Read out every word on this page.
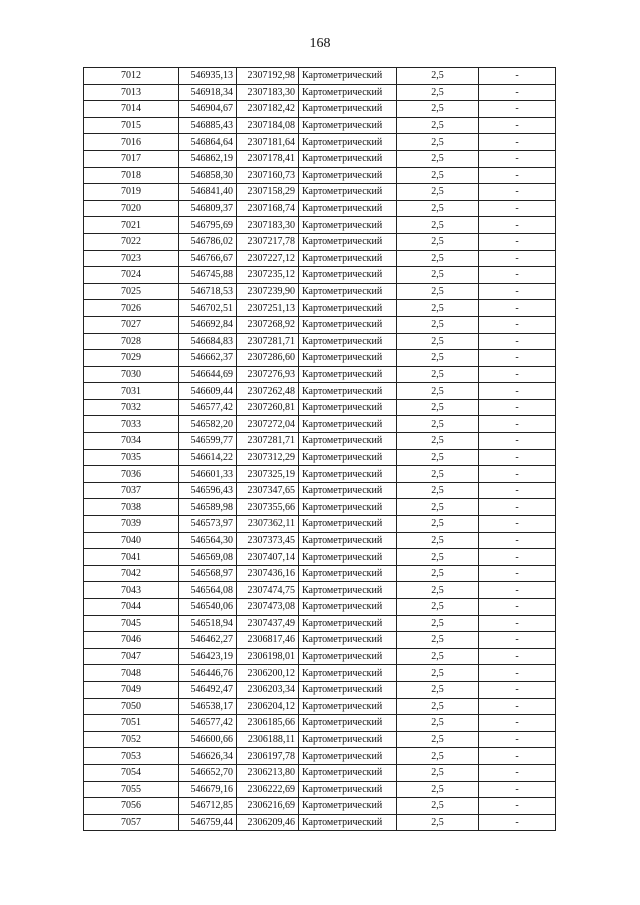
168
7012	546935,13	2307192,98	Картометрический	2,5	-
7013	546918,34	2307183,30	Картометрический	2,5	-
7014	546904,67	2307182,42	Картометрический	2,5	-
7015	546885,43	2307184,08	Картометрический	2,5	-
7016	546864,64	2307181,64	Картометрический	2,5	-
7017	546862,19	2307178,41	Картометрический	2,5	-
7018	546858,30	2307160,73	Картометрический	2,5	-
7019	546841,40	2307158,29	Картометрический	2,5	-
7020	546809,37	2307168,74	Картометрический	2,5	-
7021	546795,69	2307183,30	Картометрический	2,5	-
7022	546786,02	2307217,78	Картометрический	2,5	-
7023	546766,67	2307227,12	Картометрический	2,5	-
7024	546745,88	2307235,12	Картометрический	2,5	-
7025	546718,53	2307239,90	Картометрический	2,5	-
7026	546702,51	2307251,13	Картометрический	2,5	-
7027	546692,84	2307268,92	Картометрический	2,5	-
7028	546684,83	2307281,71	Картометрический	2,5	-
7029	546662,37	2307286,60	Картометрический	2,5	-
7030	546644,69	2307276,93	Картометрический	2,5	-
7031	546609,44	2307262,48	Картометрический	2,5	-
7032	546577,42	2307260,81	Картометрический	2,5	-
7033	546582,20	2307272,04	Картометрический	2,5	-
7034	546599,77	2307281,71	Картометрический	2,5	-
7035	546614,22	2307312,29	Картометрический	2,5	-
7036	546601,33	2307325,19	Картометрический	2,5	-
7037	546596,43	2307347,65	Картометрический	2,5	-
7038	546589,98	2307355,66	Картометрический	2,5	-
7039	546573,97	2307362,11	Картометрический	2,5	-
7040	546564,30	2307373,45	Картометрический	2,5	-
7041	546569,08	2307407,14	Картометрический	2,5	-
7042	546568,97	2307436,16	Картометрический	2,5	-
7043	546564,08	2307474,75	Картометрический	2,5	-
7044	546540,06	2307473,08	Картометрический	2,5	-
7045	546518,94	2307437,49	Картометрический	2,5	-
7046	546462,27	2306817,46	Картометрический	2,5	-
7047	546423,19	2306198,01	Картометрический	2,5	-
7048	546446,76	2306200,12	Картометрический	2,5	-
7049	546492,47	2306203,34	Картометрический	2,5	-
7050	546538,17	2306204,12	Картометрический	2,5	-
7051	546577,42	2306185,66	Картометрический	2,5	-
7052	546600,66	2306188,11	Картометрический	2,5	-
7053	546626,34	2306197,78	Картометрический	2,5	-
7054	546652,70	2306213,80	Картометрический	2,5	-
7055	546679,16	2306222,69	Картометрический	2,5	-
7056	546712,85	2306216,69	Картометрический	2,5	-
7057	546759,44	2306209,46	Картометрический	2,5	-
